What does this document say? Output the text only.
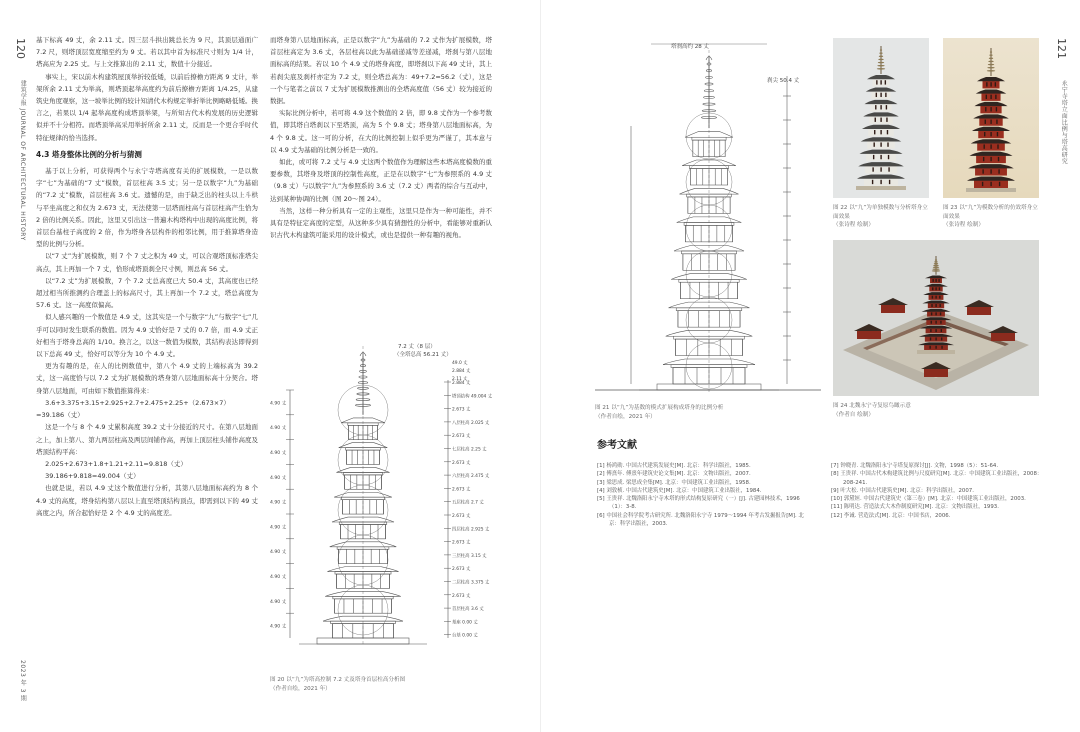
120
建筑学报 JOURNAL OF ARCHITECTURAL HISTORY
2023 年 3 期

基下标高 49 丈，余 2.11 丈。因三层斗拱出跳总长为 9 尺，其顶层通面广 7.2 尺，则塔顶层宽度缩至约为 9 丈。若以其中首为标准尺寸则为 1/4 计，塔高应为 2.25 丈。与上文推算出的 2.11 丈，数值十分接近。

事实上，宋以前木构建筑屋顶举折较低矮，以前后撩檐方距离 9 丈计，举架所余 2.11 丈为举高，则塔顶起举高度约为前后撩檐方距离 1/4.25，从建筑史角度观察，这一坡举比例的较计知清代木构规定举折举比例略略低矮。换言之，若果以 1/4 起举高度构成塔顶举架，与所知古代木构发展的历史逻辑似并不十分相符。而塔顶举高采用举折所余 2.11 丈，反而是一个更合乎时代特征规律的恰当选择。

4.3 塔身整体比例的分析与猜测

基于以上分析，可获得两个与永宁寺塔高度有关的扩展模数，一是以数字“七”为基础的“7 丈”模数，首层柱高 3.5 丈；另一是以数字“九”为基础的“7.2 丈”模数，首层柱高 3.6 丈。遗憾的是，由于缺乏出的柱头以上斗栱与平坐高度之和仅为 2.673 丈，无法使第一层塔面柱高与首层柱高产生恰为 2 倍的比例关系。因此，这里又引出这一普遍木构塔构中出现的高度比例，将首层台基柱子高度的 2 倍，作为塔身各层构件的相邻比例，用于推算塔身造型的比例与分析。

以“7 丈”为扩展模数，则 7 个 7 丈之积为 49 丈，可以合观塔顶标准塔尖高点，其上再加一个 7 丈，恰形成塔顶刹全尺寸例，则总高 56 丈。

以“7.2 丈”为扩展模数，7 个 7.2 丈总高度已大 50.4 丈，其高度也已经超过相当所推测约合理盖上的标高尺寸，其上再加一个 7.2 丈，塔总高度为 57.6 丈。这一高度似偏高。

似人感兴趣的一个数值是 4.9 丈，这其实是一个与数字“九”与数字“七”几乎可以同时发生联系的数值。因为 4.9 丈恰好是 7 丈的 0.7 倍，而 4.9 丈正好相当于塔身总高的 1/10。换言之，以这一数值为模数，其结构表达即得到以下总高 49 丈，恰好可以等分为 10 个 4.9 丈。

更为有趣的是，在人的比例数值中，第八个 4.9 丈的上端标高为 39.2 丈，这一高度恰与以 7.2 丈为扩展模数的塔身第八层地面标高十分契合。塔身第八层地面，可由如下数值推算得来：

3.6+3.375+3.15+2.925+2.7+2.475+2.25+（2.673×7）

=39.186（丈）

这是一个与 8 个 4.9 丈累积高度 39.2 丈十分接近的尺寸。在第八层地面之上，加上第八、第九两层柱高及两层间铺作高，再加上顶层柱头铺作高度及塔顶结构平高：

2.025+2.673+1.8+1.21+2.11=9.818（丈）

39.186+9.818=49.004（丈）

也就是说，若以 4.9 丈这个数值进行分析，其第八层地面标高约为 8 个 4.9 丈的高度，塔身结构第八层以上直至塔顶结构顶点，即需到以下的 49 丈高度之内，所合起恰好是 2 个 4.9 丈的高度差。

而塔身第八层地面标高，正是以数字“九”为基础的 7.2 丈作为扩展模数，塔首层柱高定为 3.6 丈，各层柱高以此为基础递减等差递减，塔刹与第八层地面标高的结果。若以 10 个 4.9 丈的塔身高度，即塔刹以下高 49 丈计，其上若刹尖底及刹杆亦定为 7.2 丈，则全塔总高为：49+7.2=56.2（丈），这是一个与笔者之前以 7 丈为扩展模数推测出的全塔高度值（56 丈）较为接近的数据。

实际比例分析中，若可将 4.9 这个数值的 2 倍，即 9.8 丈作为一个参考数值，即其塔自塔刹以下至塔顶，高为 5 个 9.8 丈；塔身第八层地面标高，为 4 个 9.8 丈。这一可的分析，在大的比例控制上似乎更为严谨了，其本意与以 4.9 丈为基础的比例分析是一致的。

如此，或可将 7.2 丈与 4.9 丈这两个数值作为理解这些本塔高度模数的重要参数，其塔身及塔顶的控制性高度，正是在以数字“七”为参照系的 4.9 丈（9.8 丈）与以数字“九”为参照系的 3.6 丈（7.2 丈）两者的综合与互动中，达到某种协调的比例（图 20～图 24）。

当然，这样一种分析具有一定的主观性，这里只是作为一种可能性，并不具有是特征定高度的定型，从这种多少具有猜想性的分析中，看能够对重新认识古代木构建筑可能采用的设计模式，或也是提供一种有趣的视角。

7.2 丈（8 层）
（全塔总高 56.21 丈）
4.90 丈
4.90 丈
4.90 丈
4.90 丈
4.90 丈
4.90 丈
4.90 丈
4.90 丈
4.90 丈
4.90 丈
2.884 丈
塔顶结构 49.004 丈
2.673 丈
八层柱高 2.025 丈
2.673 丈
七层柱高 2.25 丈
2.673 丈
六层柱高 2.475 丈
2.673 丈
五层柱高 2.7 丈
2.673 丈
四层柱高 2.925 丈
2.673 丈
三层柱高 3.15 丈
2.673 丈
二层柱高 3.375 丈
2.673 丈
首层柱高 3.6 丈
基座 0.00 丈
台基 0.00 丈
49.0 丈
2.884 丈
2.11 丈
图 20 以“九”为塔高控制 7.2 丈及塔身首层柱高分析图
（作者自绘，2021 年）
121
永宁寺塔立面比例与塔高研究
塔刹高约 28 丈
刹尖 50.4 丈
图 21 以“九”为基数的模式扩展构成塔身的比例分析
（作者自绘，2021 年）
图 22 以“九”为单独模数与分析塔身立面效果
（张诗程 绘制）
图 23 以“九”为模数分析的仿效塔身立面效果
（张诗程 绘制）
图 24 北魏永宁寺复原鸟瞰示意
（作者自 绘制）
参考文献
[1] 杨鸿勋. 中国古代建筑发展史[M]. 北京：科学出版社，1985.
[2] 傅熹年. 傅熹年建筑史论文集[M]. 北京：文物出版社，2007.
[3] 梁思成. 梁思成全集[M]. 北京：中国建筑工业出版社，1958.
[4] 刘敦桢. 中国古代建筑史[M]. 北京：中国建筑工业出版社，1984.
[5] 王贵祥. 北魏洛阳永宁寺木塔的形式结构复原研究（一）[J]. 古建园林技术，1996（1）：3-8.
[6] 中国社会科学院考古研究所. 北魏洛阳永宁寺 1979～1994 年考古发掘报告[M]. 北京：科学出版社，2003.
[7] 钟晓青. 北魏洛阳永宁寺塔复原探讨[J]. 文物，1998（5）：51-64.
[8] 王贵祥. 中国古代木构建筑比例与尺度研究[M]. 北京：中国建筑工业出版社，2008：208-241.
[9] 叶大松. 中国古代建筑史[M]. 北京：科学出版社，2007.
[10] 郭黛姮. 中国古代建筑史（第三卷）[M]. 北京：中国建筑工业出版社，2003.
[11] 陈明达. 营造法式大木作制度研究[M]. 北京：文物出版社，1993.
[12] 李诫. 营造法式[M]. 北京：中国书店，2006.
